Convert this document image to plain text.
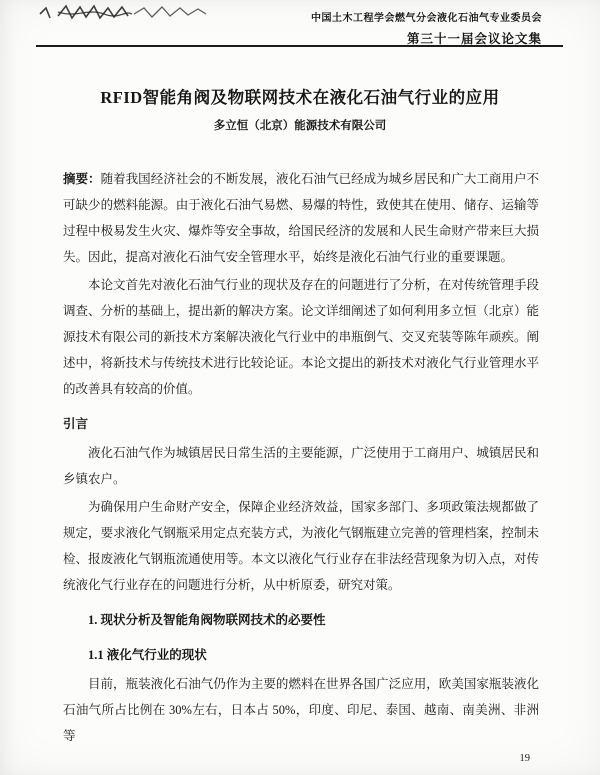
中国土木工程学会燃气分会液化石油气专业委员会
第三十一届会议论文集
RFID智能角阀及物联网技术在液化石油气行业的应用
多立恒（北京）能源技术有限公司

摘要：随着我国经济社会的不断发展，液化石油气已经成为城乡居民和广大工商用户不可缺少的燃料能源。由于液化石油气易燃、易爆的特性，致使其在使用、储存、运输等过程中极易发生火灾、爆炸等安全事故，给国民经济的发展和人民生命财产带来巨大损失。因此，提高对液化石油气安全管理水平，始终是液化石油气行业的重要课题。

本论文首先对液化石油气行业的现状及存在的问题进行了分析，在对传统管理手段调查、分析的基础上，提出新的解决方案。论文详细阐述了如何利用多立恒（北京）能源技术有限公司的新技术方案解决液化气行业中的串瓶倒气、交叉充装等陈年顽疾。阐述中，将新技术与传统技术进行比较论证。本论文提出的新技术对液化气行业管理水平的改善具有较高的价值。

引言

液化石油气作为城镇居民日常生活的主要能源，广泛使用于工商用户、城镇居民和乡镇农户。

为确保用户生命财产安全，保障企业经济效益，国家多部门、多项政策法规都做了规定，要求液化气钢瓶采用定点充装方式，为液化气钢瓶建立完善的管理档案，控制未检、报废液化气钢瓶流通使用等。本文以液化气行业存在非法经营现象为切入点，对传统液化气行业存在的问题进行分析，从中析原委，研究对策。

1. 现状分析及智能角阀物联网技术的必要性
1.1 液化气行业的现状

目前，瓶装液化石油气仍作为主要的燃料在世界各国广泛应用，欧美国家瓶装液化石油气所占比例在 30%左右，日本占 50%，印度、印尼、泰国、越南、南美洲、非洲等

19
